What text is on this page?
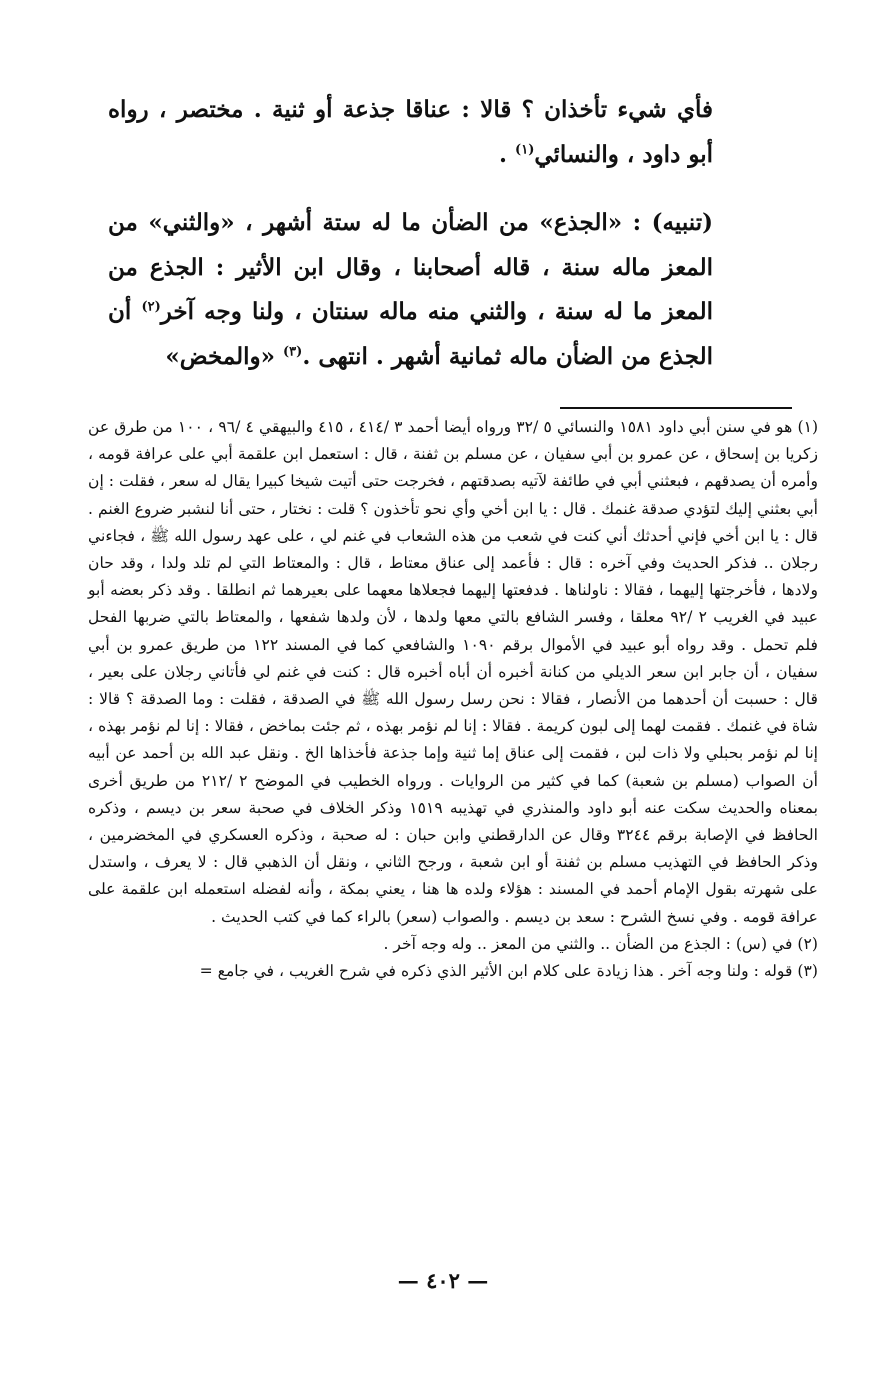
فأي شيء تأخذان ؟ قالا : عناقا جذعة أو ثنية . مختصر ، رواه أبو داود ، والنسائي$^{(١)}$ .

(تنبيه) : «الجذع» من الضأن ما له ستة أشهر ، «والثني» من المعز ماله سنة ، قاله أصحابنا ، وقال ابن الأثير : الجذع من المعز ما له سنة ، والثني منه ماله سنتان ، ولنا وجه آخر$^{(٢)}$ أن الجذع من الضأن ماله ثمانية أشهر . انتهى .$^{(٣)}$ «والمخض»

(١) هو في سنن أبي داود ١٥٨١ والنسائي ٥ /٣٢ ورواه أيضا أحمد ٣ /٤١٤ ، ٤١٥ والبيهقي ٤ /٩٦ ، ١٠٠ من طرق عن زكريا بن إسحاق ، عن عمرو بن أبي سفيان ، عن مسلم بن ثفنة ، قال : استعمل ابن علقمة أبي على عرافة قومه ، وأمره أن يصدقهم ، فبعثني أبي في طائفة لآتيه بصدقتهم ، فخرجت حتى أتيت شيخا كبيرا يقال له سعر ، فقلت : إن أبي بعثني إليك لتؤدي صدقة غنمك . قال : يا ابن أخي وأي نحو تأخذون ؟ قلت : نختار ، حتى أنا لنشبر ضروع الغنم . قال : يا ابن أخي فإني أحدثك أني كنت في شعب من هذه الشعاب في غنم لي ، على عهد رسول الله ﷺ ، فجاءني رجلان .. فذكر الحديث وفي آخره : قال : فأعمد إلى عناق معتاط ، قال : والمعتاط التي لم تلد ولدا ، وقد حان ولادها ، فأخرجتها إليهما ، فقالا : ناولناها . فدفعتها إليهما فجعلاها معهما على بعيرهما ثم انطلقا . وقد ذكر بعضه أبو عبيد في الغريب ٢ /٩٢ معلقا ، وفسر الشافع بالتي معها ولدها ، لأن ولدها شفعها ، والمعتاط بالتي ضربها الفحل فلم تحمل . وقد رواه أبو عبيد في الأموال برقم ١٠٩٠ والشافعي كما في المسند ١٢٢ من طريق عمرو بن أبي سفيان ، أن جابر ابن سعر الديلي من كنانة أخبره أن أباه أخبره قال : كنت في غنم لي فأتاني رجلان على بعير ، قال : حسبت أن أحدهما من الأنصار ، فقالا : نحن رسل رسول الله ﷺ في الصدقة ، فقلت : وما الصدقة ؟ قالا : شاة في غنمك . فقمت لهما إلى لبون كريمة . فقالا : إنا لم نؤمر بهذه ، ثم جئت بماخض ، فقالا : إنا لم نؤمر بهذه ، إنا لم نؤمر بحبلي ولا ذات لبن ، فقمت إلى عناق إما ثنية وإما جذعة فأخذاها الخ . ونقل عبد الله بن أحمد عن أبيه أن الصواب (مسلم بن شعبة) كما في كثير من الروايات . ورواه الخطيب في الموضح ٢ /٢١٢ من طريق أخرى بمعناه والحديث سكت عنه أبو داود والمنذري في تهذيبه ١٥١٩ وذكر الخلاف في صحبة سعر بن ديسم ، وذكره الحافظ في الإصابة برقم ٣٢٤٤ وقال عن الدارقطني وابن حبان : له صحبة ، وذكره العسكري في المخضرمين ، وذكر الحافظ في التهذيب مسلم بن ثفنة أو ابن شعبة ، ورجح الثاني ، ونقل أن الذهبي قال : لا يعرف ، واستدل على شهرته بقول الإمام أحمد في المسند : هؤلاء ولده ها هنا ، يعني بمكة ، وأنه لفضله استعمله ابن علقمة على عرافة قومه . وفي نسخ الشرح : سعد بن ديسم . والصواب (سعر) بالراء كما في كتب الحديث .

(٢) في (س) : الجذع من الضأن .. والثني من المعز .. وله وجه آخر .

(٣) قوله : ولنا وجه آخر . هذا زيادة على كلام ابن الأثير الذي ذكره في شرح الغريب ، في جامع =

— ٤٠٢ —
